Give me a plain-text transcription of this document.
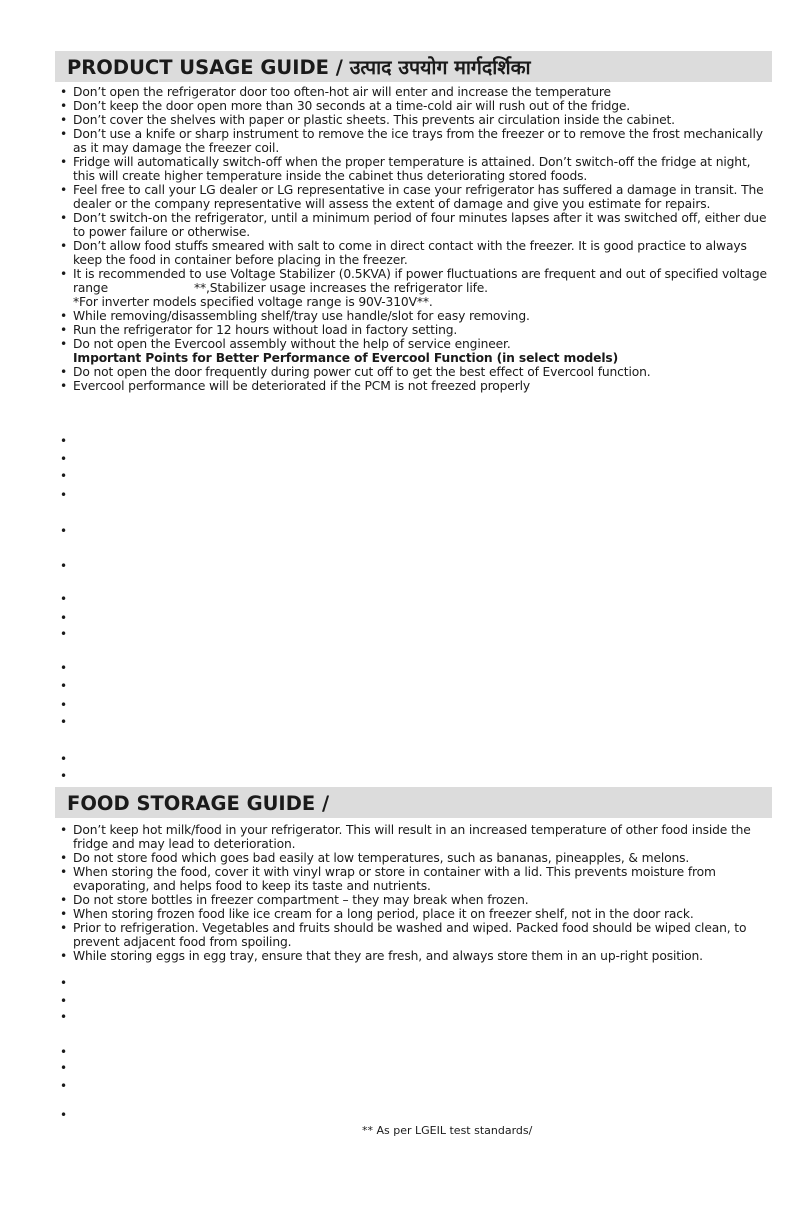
PRODUCT USAGE GUIDE / उत्पाद उपयोग मार्गदर्शिका
• Don’t open the refrigerator door too often-hot air will enter and increase the temperature
• Don’t keep the door open more than 30 seconds at a time-cold air will rush out of the fridge.
• Don’t cover the shelves with paper or plastic sheets. This prevents air circulation inside the cabinet.
• Don’t use a knife or sharp instrument to remove the ice trays from the freezer or to remove the frost mechanically as it may damage the freezer coil.
• Fridge will automatically switch-off when the proper temperature is attained. Don’t switch-off the fridge at night, this will create higher temperature inside the cabinet thus deteriorating stored foods.
• Feel free to call your LG dealer or LG representative in case your refrigerator has suffered a damage in transit. The dealer or the company representative will assess the extent of damage and give you estimate for repairs.
• Don’t switch-on the refrigerator, until a minimum period of four minutes lapses after it was switched off, either due to power failure or otherwise.
• Don’t allow food stuffs smeared with salt to come in direct contact with the freezer. It is good practice to always keep the food in container before placing in the freezer.
• It is recommended to use Voltage Stabilizer (0.5KVA) if power fluctuations are frequent and out of specified voltage range	**,Stabilizer usage increases the refrigerator life.
*For inverter models specified voltage range is 90V-310V**.
• While removing/disassembling shelf/tray use handle/slot for easy removing.
• Run the refrigerator for 12 hours without load in factory setting.
• Do not open the Evercool assembly without the help of service engineer.
Important Points for Better Performance of Evercool Function (in select models)
• Do not open the door frequently during power cut off to get the best effect of Evercool function.
• Evercool performance will be deteriorated if the PCM is not freezed properly
•
•
•
•
•
•
•
•
•
•
•
•
•
•
•
FOOD STORAGE GUIDE /
• Don’t keep hot milk/food in your refrigerator. This will result in an increased temperature of other food inside the fridge and may lead to deterioration.
• Do not store food which goes bad easily at low temperatures, such as bananas, pineapples, & melons.
• When storing the food, cover it with vinyl wrap or store in container with a lid. This prevents moisture from evaporating, and helps food to keep its taste and nutrients.
• Do not store bottles in freezer compartment – they may break when frozen.
• When storing frozen food like ice cream for a long period, place it on freezer shelf, not in the door rack.
• Prior to refrigeration. Vegetables and fruits should be washed and wiped. Packed food should be wiped clean, to prevent adjacent food from spoiling.
• While storing eggs in egg tray, ensure that they are fresh, and always store them in an up-right position.
•
•
•
•
•
•
•
** As per LGEIL test standards/
